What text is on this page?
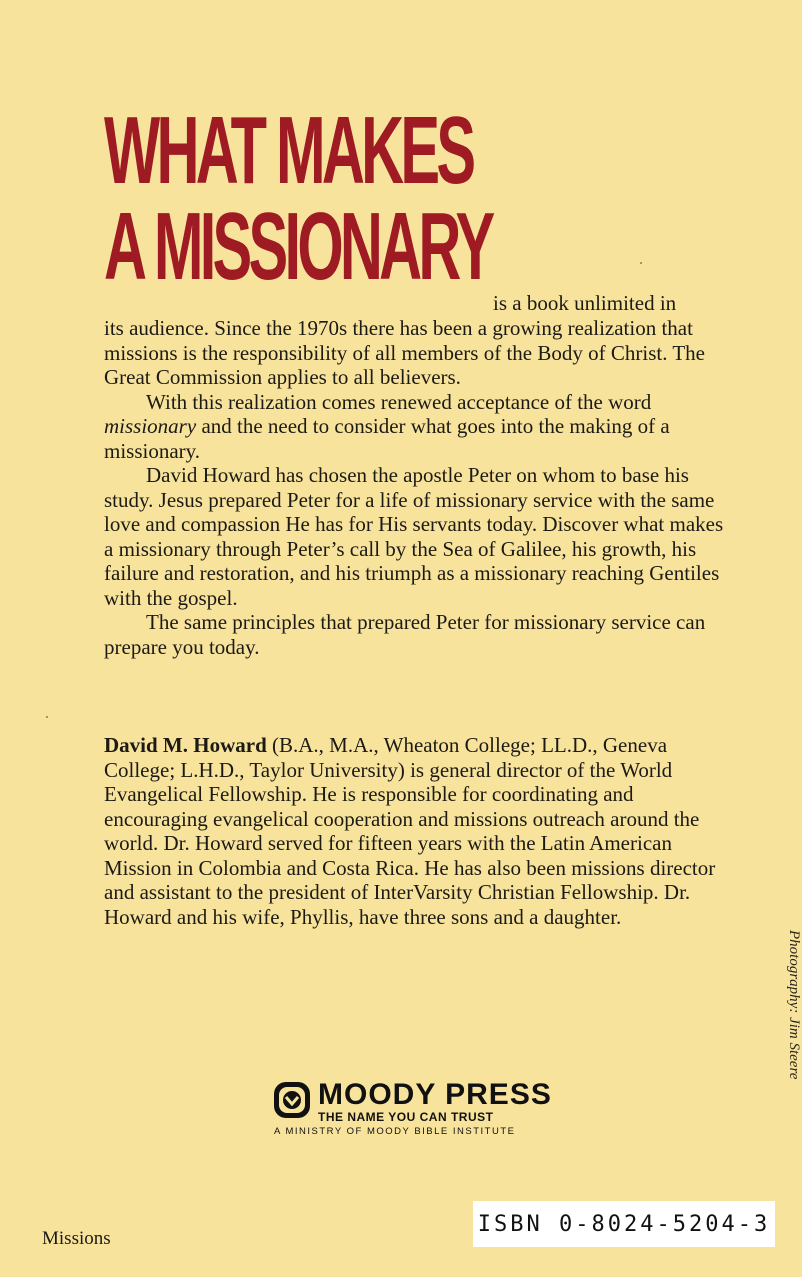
WHAT MAKES
A MISSIONARY
is a book unlimited in

its audience. Since the 1970s there has been a growing realization that missions is the responsibility of all members of the Body of Christ. The Great Commission applies to all believers.

With this realization comes renewed acceptance of the word missionary and the need to consider what goes into the making of a missionary.

David Howard has chosen the apostle Peter on whom to base his study. Jesus prepared Peter for a life of missionary service with the same love and compassion He has for His servants today. Discover what makes a missionary through Peter’s call by the Sea of Galilee, his growth, his failure and restoration, and his triumph as a missionary reaching Gentiles with the gospel.

The same principles that prepared Peter for missionary service can prepare you today.

David M. Howard (B.A., M.A., Wheaton College; LL.D., Geneva College; L.H.D., Taylor University) is general director of the World Evangelical Fellowship. He is responsible for coordinating and encouraging evangelical cooperation and missions outreach around the world. Dr. Howard served for fifteen years with the Latin American Mission in Colombia and Costa Rica. He has also been missions director and assistant to the president of InterVarsity Christian Fellowship. Dr. Howard and his wife, Phyllis, have three sons and a daughter.

MOODY PRESS
THE NAME YOU CAN TRUST
A MINISTRY OF MOODY BIBLE INSTITUTE
Photography: Jim Steere
Missions
ISBN 0-8024-5204-3
